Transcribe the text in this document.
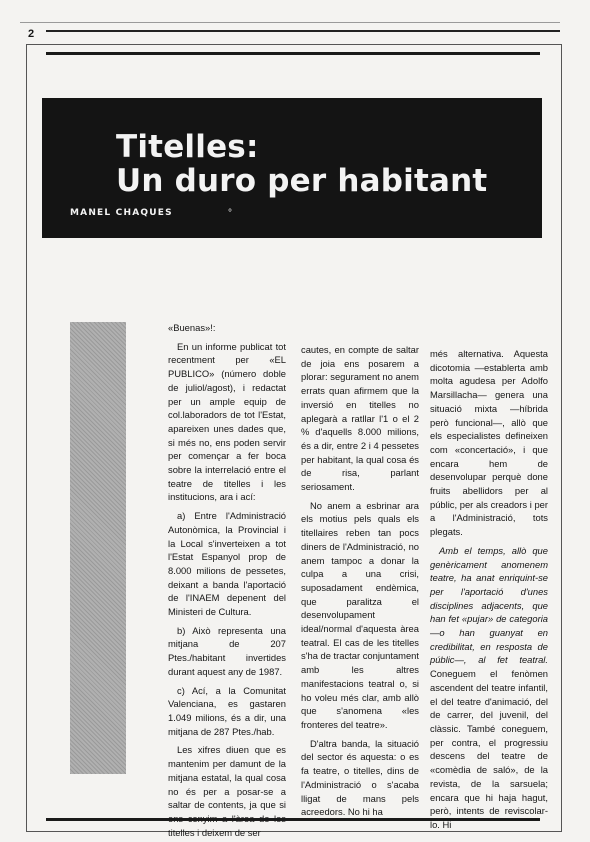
2
Titelles:
Un duro per habitant
MANEL CHAQUES	°

«Buenas»!:

En un informe publicat tot recentment per «EL PUBLICO» (número doble de juliol/agost), i redactat per un ample equip de col.laboradors de tot l'Estat, apareixen unes dades que, si més no, ens poden servir per començar a fer boca sobre la interrelació entre el teatre de titelles i les institucions, ara i ací:

a) Entre l'Administració Autonòmica, la Provincial i la Local s'inverteixen a tot l'Estat Espanyol prop de 8.000 milions de pessetes, deixant a banda l'aportació de l'INAEM depenent del Ministeri de Cultura.

b) Això representa una mitjana de 207 Ptes./habitant invertides durant aquest any de 1987.

c) Ací, a la Comunitat Valenciana, es gastaren 1.049 milions, és a dir, una mitjana de 287 Ptes./hab.

Les xifres diuen que es mantenim per damunt de la mitjana estatal, la qual cosa no és per a posar-se a saltar de contents, ja que si ens cenyim a l'àrea de les titelles i deixem de ser

cautes, en compte de saltar de joia ens posarem a plorar: segurament no anem errats quan afirmem que la inversió en titelles no aplegarà a ratllar l'1 o el 2 % d'aquells 8.000 milions, és a dir, entre 2 i 4 pessetes per habitant, la qual cosa és de risa, parlant seriosament.

No anem a esbrinar ara els motius pels quals els titellaires reben tan pocs diners de l'Administració, no anem tampoc a donar la culpa a una crisi, suposadament endèmica, que paralitza el desenvolupament ideal/normal d'aquesta àrea teatral. El cas de les titelles s'ha de tractar conjuntament amb les altres manifestacions teatral o, si ho voleu més clar, amb allò que s'anomena «les fronteres del teatre».

D'altra banda, la situació del sector és aquesta: o es fa teatre, o titelles, dins de l'Administració o s'acaba lligat de mans pels acreedors. No hi ha

més alternativa. Aquesta dicotomia —establerta amb molta agudesa per Adolfo Marsillacha— genera una situació mixta —híbrida però funcional—, allò que els especialistes defineixen com «concertació», i que encara hem de desenvolupar perquè done fruits abellidors per al públic, per als creadors i per a l'Administració, tots plegats.

Amb el temps, allò que genèricament anomenem teatre, ha anat enriquint-se per l'aportació d'unes disciplines adjacents, que han fet «pujar» de categoria —o han guanyat en credibilitat, en resposta de públic—, al fet teatral. Coneguem el fenòmen ascendent del teatre infantil, el del teatre d'animació, del de carrer, del juvenil, del clàssic. També coneguem, per contra, el progressiu descens del teatre de «comèdia de saló», de la revista, de la sarsuela; encara que hi haja hagut, però, intents de reviscolar-lo. Hi
